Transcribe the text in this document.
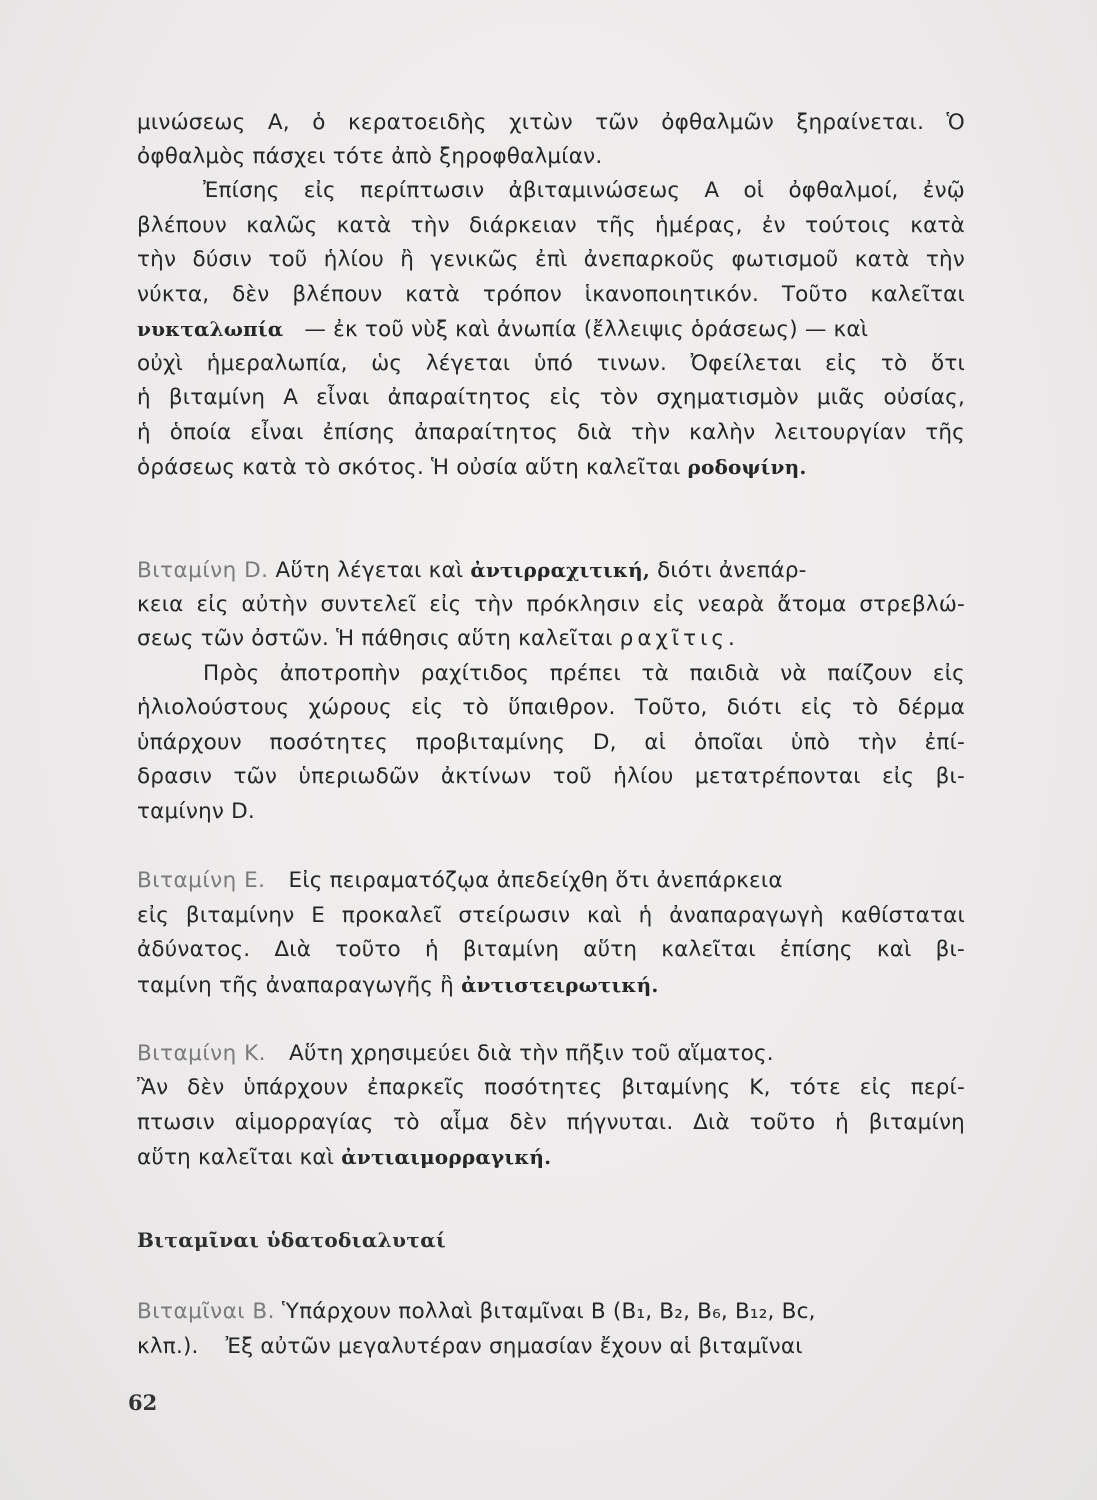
μινώσεως Α, ὁ κερατοειδὴς χιτὼν τῶν ὀφθαλμῶν ξηραίνεται. Ὁ
ὀφθαλμὸς πάσχει τότε ἀπὸ ξηροφθαλμίαν.
Ἐπίσης εἰς περίπτωσιν ἀβιταμινώσεως Α οἱ ὀφθαλμοί, ἐνῷ
βλέπουν καλῶς κατὰ τὴν διάρκειαν τῆς ἡμέρας, ἐν τούτοις κατὰ
τὴν δύσιν τοῦ ἡλίου ἢ γενικῶς ἐπὶ ἀνεπαρκοῦς φωτισμοῦ κατὰ τὴν
νύκτα, δὲν βλέπουν κατὰ τρόπον ἱκανοποιητικόν. Τοῦτο καλεῖται
νυκταλωπία — ἐκ τοῦ νὺξ καὶ ἀνωπία (ἔλλειψις ὁράσεως) — καὶ
οὐχὶ ἡμεραλωπία, ὡς λέγεται ὑπό τινων. Ὀφείλεται εἰς τὸ ὅτι
ἡ βιταμίνη Α εἶναι ἀπαραίτητος εἰς τὸν σχηματισμὸν μιᾶς οὐσίας,
ἡ ὁποία εἶναι ἐπίσης ἀπαραίτητος διὰ τὴν καλὴν λειτουργίαν τῆς
ὁράσεως κατὰ τὸ σκότος. Ἡ οὐσία αὕτη καλεῖται ροδοψίνη.
Βιταμίνη D. Αὕτη λέγεται καὶ ἀντιρραχιτική, διότι ἀνεπάρ-
κεια εἰς αὐτὴν συντελεῖ εἰς τὴν πρόκλησιν εἰς νεαρὰ ἄτομα στρεβλώ-
σεως τῶν ὀστῶν. Ἡ πάθησις αὕτη καλεῖται ραχῖτις.
Πρὸς ἀποτροπὴν ραχίτιδος πρέπει τὰ παιδιὰ νὰ παίζουν εἰς
ἡλιολούστους χώρους εἰς τὸ ὕπαιθρον. Τοῦτο, διότι εἰς τὸ δέρμα
ὑπάρχουν ποσότητες προβιταμίνης D, αἱ ὁποῖαι ὑπὸ τὴν ἐπί-
δρασιν τῶν ὑπεριωδῶν ἀκτίνων τοῦ ἡλίου μετατρέπονται εἰς βι-
ταμίνην D.
Βιταμίνη Ε. Εἰς πειραματόζῳα ἀπεδείχθη ὅτι ἀνεπάρκεια
εἰς βιταμίνην Ε προκαλεῖ στείρωσιν καὶ ἡ ἀναπαραγωγὴ καθίσταται
ἀδύνατος. Διὰ τοῦτο ἡ βιταμίνη αὕτη καλεῖται ἐπίσης καὶ βι-
ταμίνη τῆς ἀναπαραγωγῆς ἢ ἀντιστειρωτική.
Βιταμίνη Κ. Αὕτη χρησιμεύει διὰ τὴν πῆξιν τοῦ αἵματος.
Ἂν δὲν ὑπάρχουν ἐπαρκεῖς ποσότητες βιταμίνης Κ, τότε εἰς περί-
πτωσιν αἱμορραγίας τὸ αἷμα δὲν πήγνυται. Διὰ τοῦτο ἡ βιταμίνη
αὕτη καλεῖται καὶ ἀντιαιμορραγική.
Βιταμῖναι Β. Ὑπάρχουν πολλαὶ βιταμῖναι Β (Β₁, Β₂, Β₆, Β₁₂, Βc,
κλπ.). Ἐξ αὐτῶν μεγαλυτέραν σημασίαν ἔχουν αἱ βιταμῖναι
Βιταμῖναι ὑδατοδιαλυταί
62
